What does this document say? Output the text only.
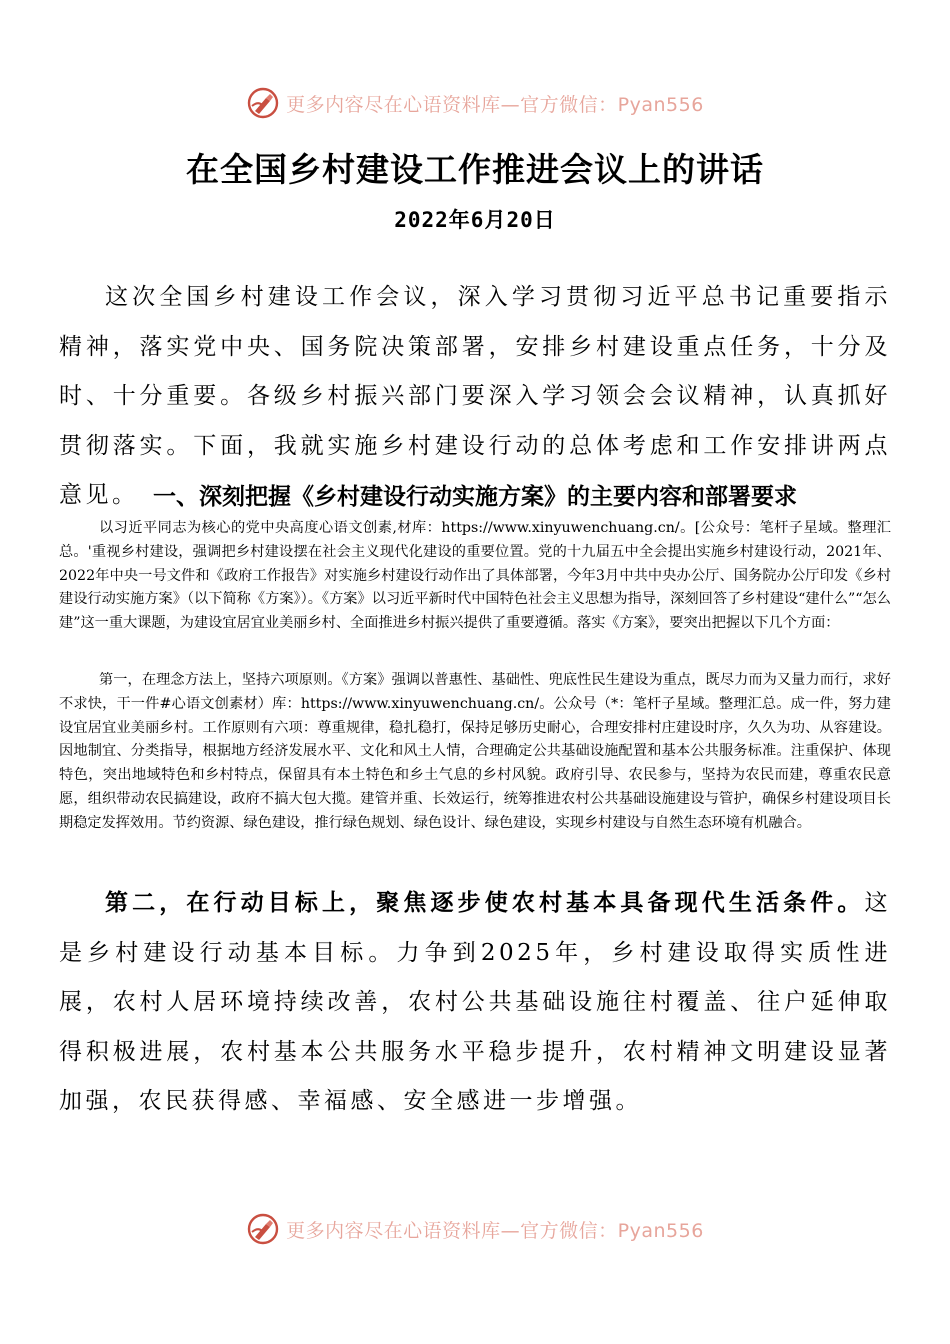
更多内容尽在心语资料库—官方微信：Pyan556
在全国乡村建设工作推进会议上的讲话
2022年6月20日

这次全国乡村建设工作会议，深入学习贯彻习近平总书记重要指示精神，落实党中央、国务院决策部署，安排乡村建设重点任务，十分及时、十分重要。各级乡村振兴部门要深入学习领会会议精神，认真抓好贯彻落实。下面，我就实施乡村建设行动的总体考虑和工作安排讲两点意见。 一、深刻把握《乡村建设行动实施方案》的主要内容和部署要求

以习近平同志为核心的党中央高度心语文创素,材库：https://www.xinyuwenchuang.cn/。[公众号：笔杆子星域。整理汇总。'重视乡村建设，强调把乡村建设摆在社会主义现代化建设的重要位置。党的十九届五中全会提出实施乡村建设行动，2021年、2022年中央一号文件和《政府工作报告》对实施乡村建设行动作出了具体部署，今年3月中共中央办公厅、国务院办公厅印发《乡村建设行动实施方案》（以下简称《方案》）。《方案》以习近平新时代中国特色社会主义思想为指导，深刻回答了乡村建设“建什么”“怎么建”这一重大课题，为建设宜居宜业美丽乡村、全面推进乡村振兴提供了重要遵循。落实《方案》，要突出把握以下几个方面：

第一，在理念方法上，坚持六项原则。《方案》强调以普惠性、基础性、兜底性民生建设为重点，既尽力而为又量力而行，求好不求快，干一件#心语文创素材）库：https://www.xinyuwenchuang.cn/。公众号（*：笔杆子星域。整理汇总。成一件，努力建设宜居宜业美丽乡村。工作原则有六项：尊重规律，稳扎稳打，保持足够历史耐心，合理安排村庄建设时序，久久为功、从容建设。因地制宜、分类指导，根据地方经济发展水平、文化和风土人情，合理确定公共基础设施配置和基本公共服务标准。注重保护、体现特色，突出地域特色和乡村特点，保留具有本土特色和乡土气息的乡村风貌。政府引导、农民参与，坚持为农民而建，尊重农民意愿，组织带动农民搞建设，政府不搞大包大揽。建管并重、长效运行，统筹推进农村公共基础设施建设与管护，确保乡村建设项目长期稳定发挥效用。节约资源、绿色建设，推行绿色规划、绿色设计、绿色建设，实现乡村建设与自然生态环境有机融合。

第二，在行动目标上，聚焦逐步使农村基本具备现代生活条件。这是乡村建设行动基本目标。力争到2025年，乡村建设取得实质性进展，农村人居环境持续改善，农村公共基础设施往村覆盖、往户延伸取得积极进展，农村基本公共服务水平稳步提升，农村精神文明建设显著加强，农民获得感、幸福感、安全感进一步增强。

更多内容尽在心语资料库—官方微信：Pyan556
